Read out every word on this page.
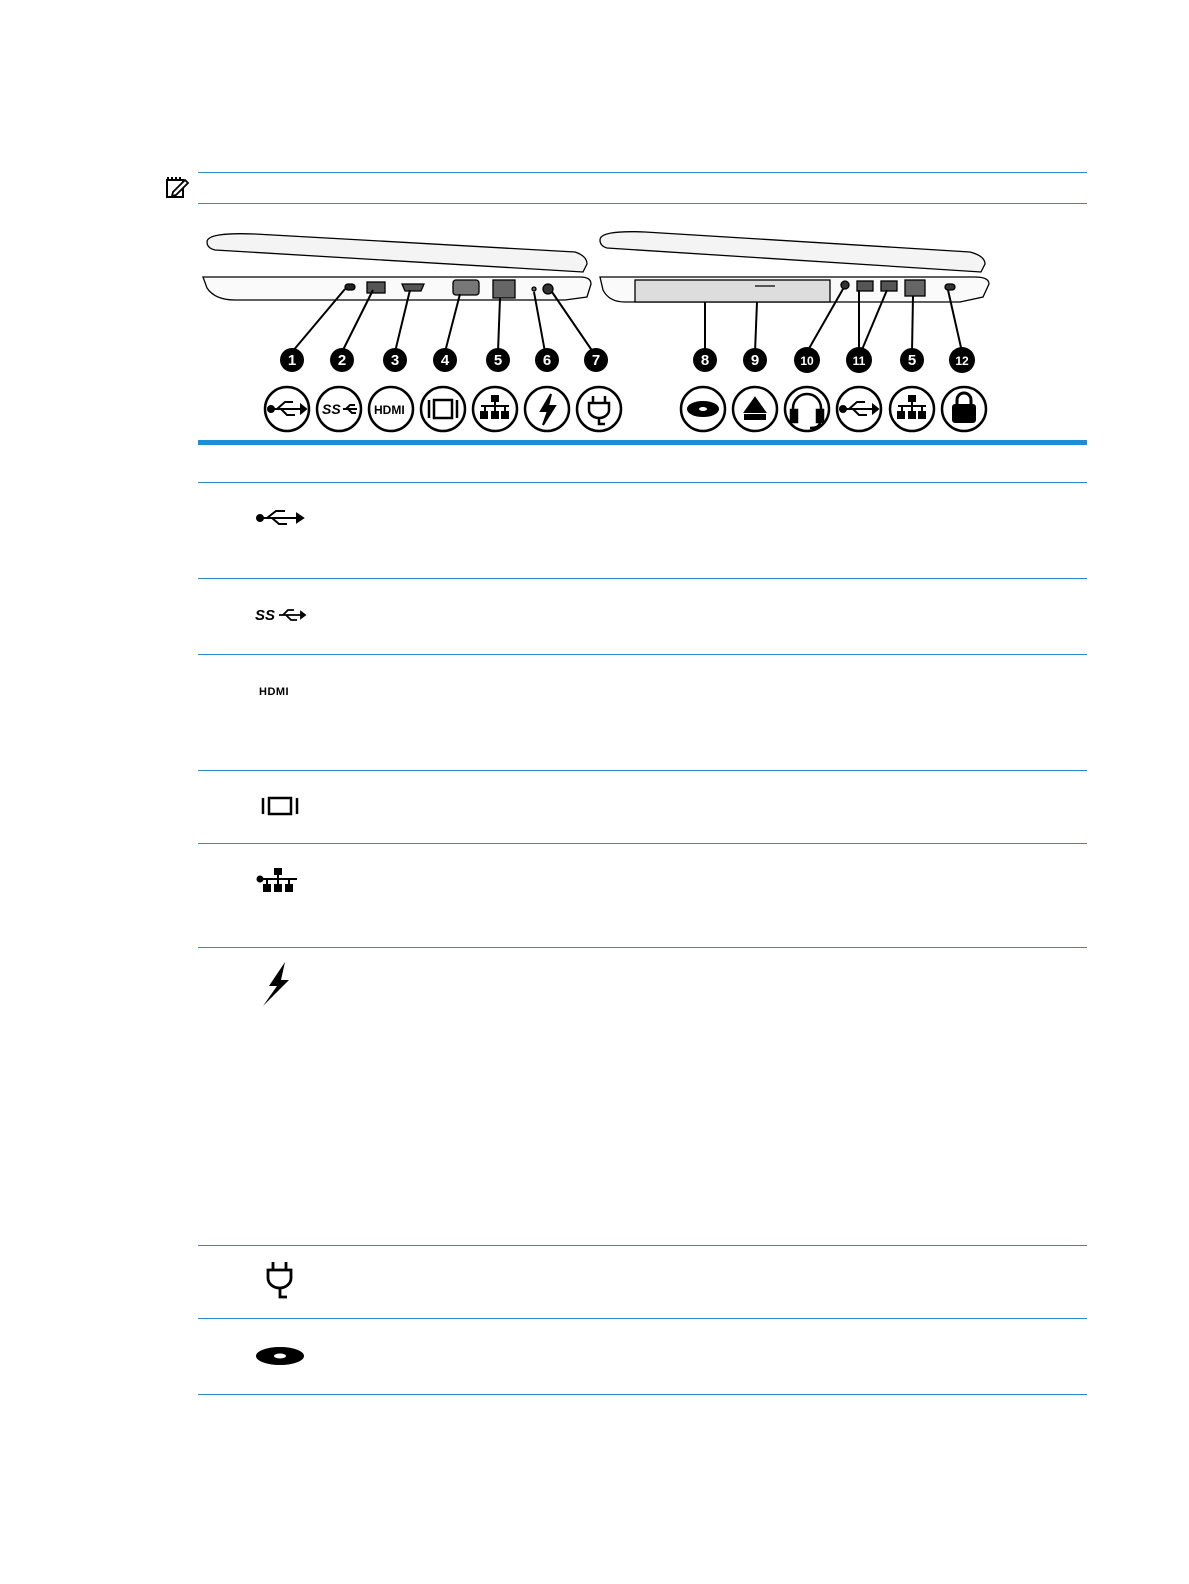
1	2	3	4	5	6	7	8	9	10	11	5	12
SS	HDMI
SS
HDMI
